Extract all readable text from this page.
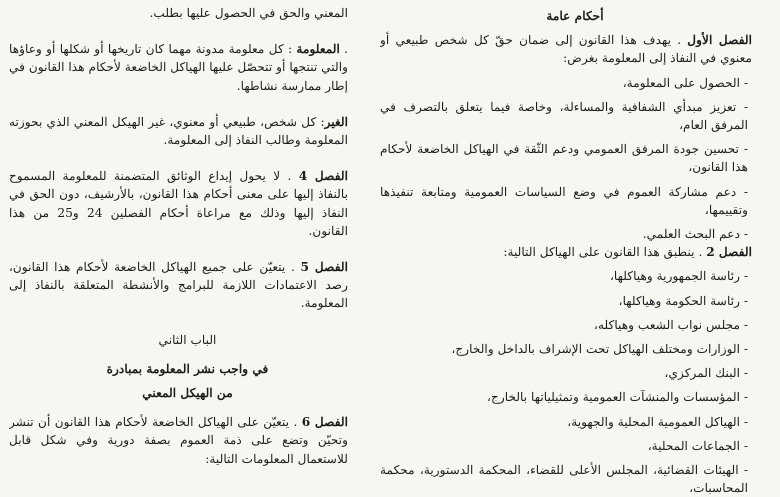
أحكام عامة

الفصل الأول . يهدف هذا القانون إلى ضمان حقّ كل شخص طبيعي أو معنوي في النفاذ إلى المعلومة بغرض:

- الحصول على المعلومة،

- تعزيز مبدأي الشفافية والمساءلة، وخاصة فيما يتعلق بالتصرف في المرفق العام،

- تحسين جودة المرفق العمومي ودعم الثّقة في الهياكل الخاضعة لأحكام هذا القانون،

- دعم مشاركة العموم في وضع السياسات العمومية ومتابعة تنفيذها وتقييمها،

- دعم البحث العلمي.

الفصل 2 . ينطبق هذا القانون على الهياكل التالية:

- رئاسة الجمهورية وهياكلها،

- رئاسة الحكومة وهياكلها،

- مجلس نواب الشعب وهياكله،

- الوزارات ومختلف الهياكل تحت الإشراف بالداخل والخارج،

- البنك المركزي،

- المؤسسات والمنشآت العمومية وتمثيلياتها بالخارج،

- الهياكل العمومية المحلية والجهوية،

- الجماعات المحلية،

- الهيئات القضائية، المجلس الأعلى للقضاء، المحكمة الدستورية، محكمة المحاسبات،

المعني والحق في الحصول عليها بطلب.

. المعلومة : كل معلومة مدونة مهما كان تاريخها أو شكلها أو وعاؤها والتي تنتجها أو تتحصّل عليها الهياكل الخاضعة لأحكام هذا القانون في إطار ممارسة نشاطها.

الغير: كل شخص، طبيعي أو معنوي، غير الهيكل المعني الذي بحوزته المعلومة وطالب النفاذ إلى المعلومة.

الفصل 4 . لا يحول إيداع الوثائق المتضمنة للمعلومة المسموح بالنفاذ إليها على معنى أحكام هذا القانون، بالأرشيف، دون الحق في النفاذ إليها وذلك مع مراعاة أحكام الفصلين 24 و25 من هذا القانون.

الفصل 5 . يتعيّن على جميع الهياكل الخاضعة لأحكام هذا القانون، رصد الاعتمادات اللازمة للبرامج والأنشطة المتعلقة بالنفاذ إلى المعلومة.

الباب الثاني

في واجب نشر المعلومة بمبادرة

من الهيكل المعني

الفصل 6 . يتعيّن على الهياكل الخاضعة لأحكام هذا القانون أن تنشر وتحيّن وتضع على ذمة العموم بصفة دورية وفي شكل قابل للاستعمال المعلومات التالية:
